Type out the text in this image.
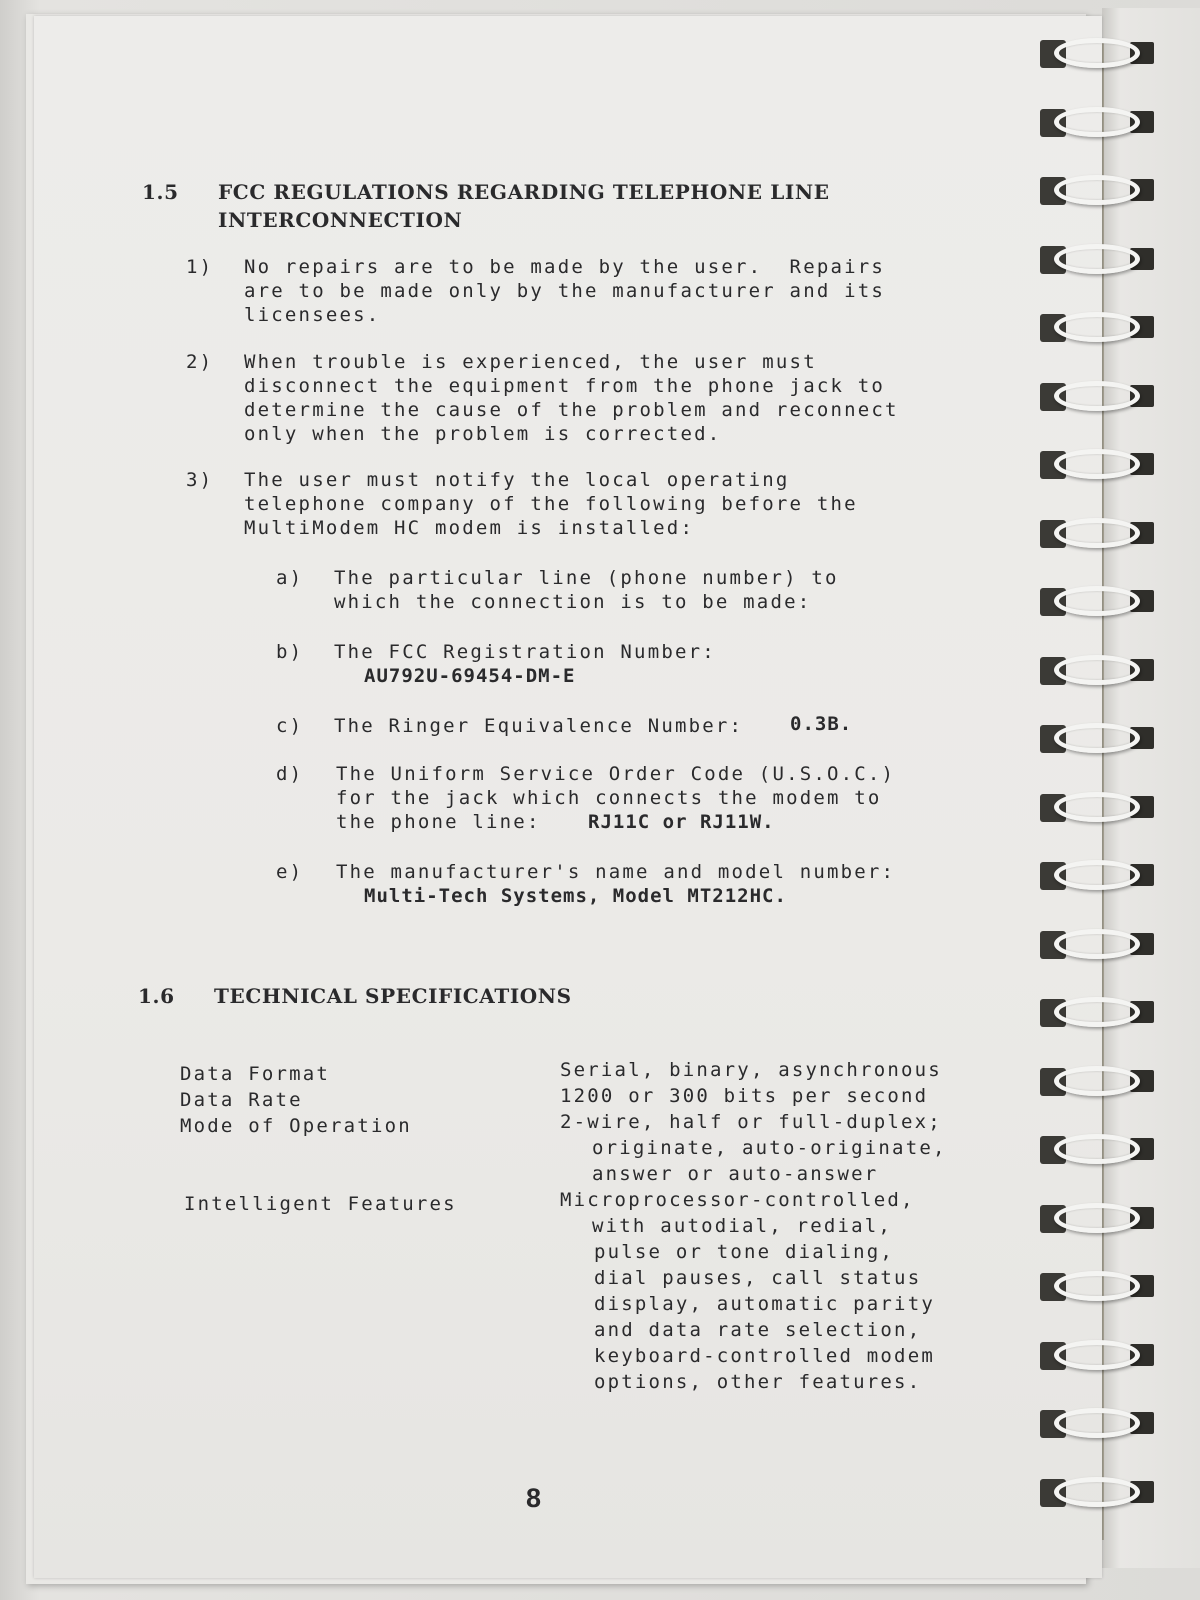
1.5 FCC REGULATIONS REGARDING TELEPHONE LINE
INTERCONNECTION
1) No repairs are to be made by the user.  Repairs
are to be made only by the manufacturer and its
licensees.
2) When trouble is experienced, the user must
disconnect the equipment from the phone jack to
determine the cause of the problem and reconnect
only when the problem is corrected.
3) The user must notify the local operating
telephone company of the following before the
MultiModem HC modem is installed:
a) The particular line (phone number) to
which the connection is to be made:
b) The FCC Registration Number:
AU792U-69454-DM-E
c) The Ringer Equivalence Number: 0.3B.
d) The Uniform Service Order Code (U.S.O.C.)
for the jack which connects the modem to
the phone line: RJ11C or RJ11W.
e) The manufacturer's name and model number:
Multi-Tech Systems, Model MT212HC.
1.6 TECHNICAL SPECIFICATIONS
Data Format	Serial, binary, asynchronous
Data Rate	1200 or 300 bits per second
Mode of Operation	2-wire, half or full-duplex;
originate, auto-originate,
answer or auto-answer
Intelligent Features	Microprocessor-controlled,
with autodial, redial,
pulse or tone dialing,
dial pauses, call status
display, automatic parity
and data rate selection,
keyboard-controlled modem
options, other features.
8
